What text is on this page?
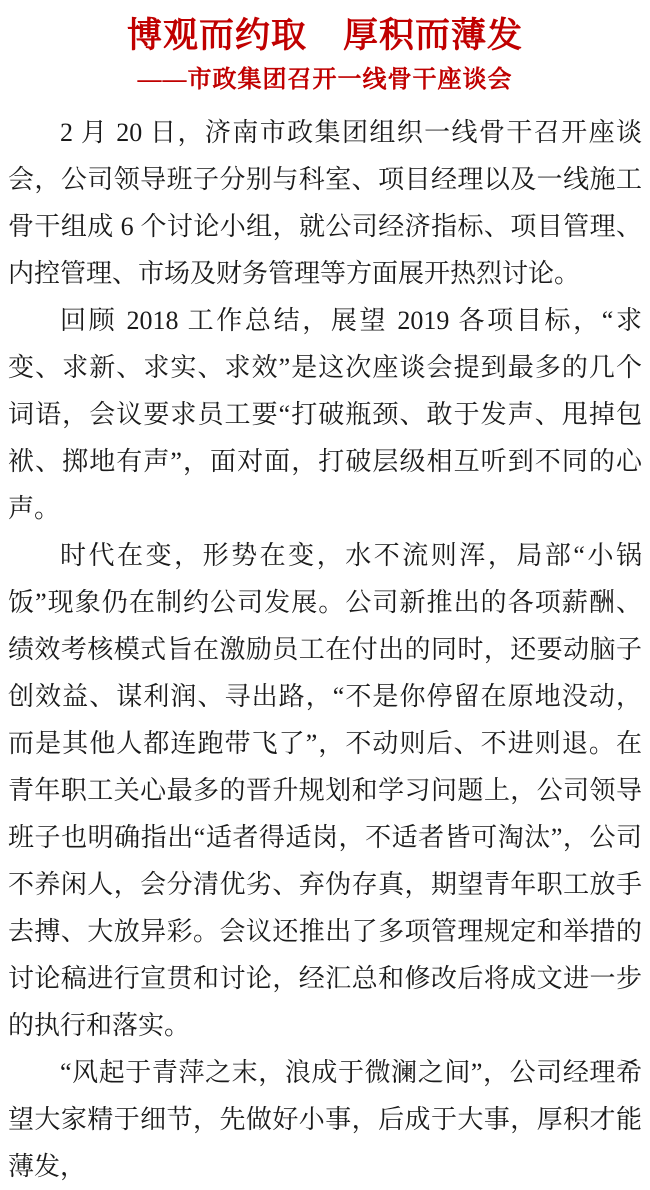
博观而约取　厚积而薄发
——市政集团召开一线骨干座谈会

2 月 20 日，济南市政集团组织一线骨干召开座谈会，公司领导班子分别与科室、项目经理以及一线施工骨干组成 6 个讨论小组，就公司经济指标、项目管理、内控管理、市场及财务管理等方面展开热烈讨论。

回顾 2018 工作总结，展望 2019 各项目标，“求变、求新、求实、求效”是这次座谈会提到最多的几个词语，会议要求员工要“打破瓶颈、敢于发声、甩掉包袱、掷地有声”，面对面，打破层级相互听到不同的心声。

时代在变，形势在变，水不流则浑，局部“小锅饭”现象仍在制约公司发展。公司新推出的各项薪酬、绩效考核模式旨在激励员工在付出的同时，还要动脑子创效益、谋利润、寻出路，“不是你停留在原地没动，而是其他人都连跑带飞了”，不动则后、不进则退。在青年职工关心最多的晋升规划和学习问题上，公司领导班子也明确指出“适者得适岗，不适者皆可淘汰”，公司不养闲人，会分清优劣、弃伪存真，期望青年职工放手去搏、大放异彩。会议还推出了多项管理规定和举措的讨论稿进行宣贯和讨论，经汇总和修改后将成文进一步的执行和落实。

“风起于青萍之末，浪成于微澜之间”，公司经理希望大家精于细节，先做好小事，后成于大事，厚积才能薄发，
